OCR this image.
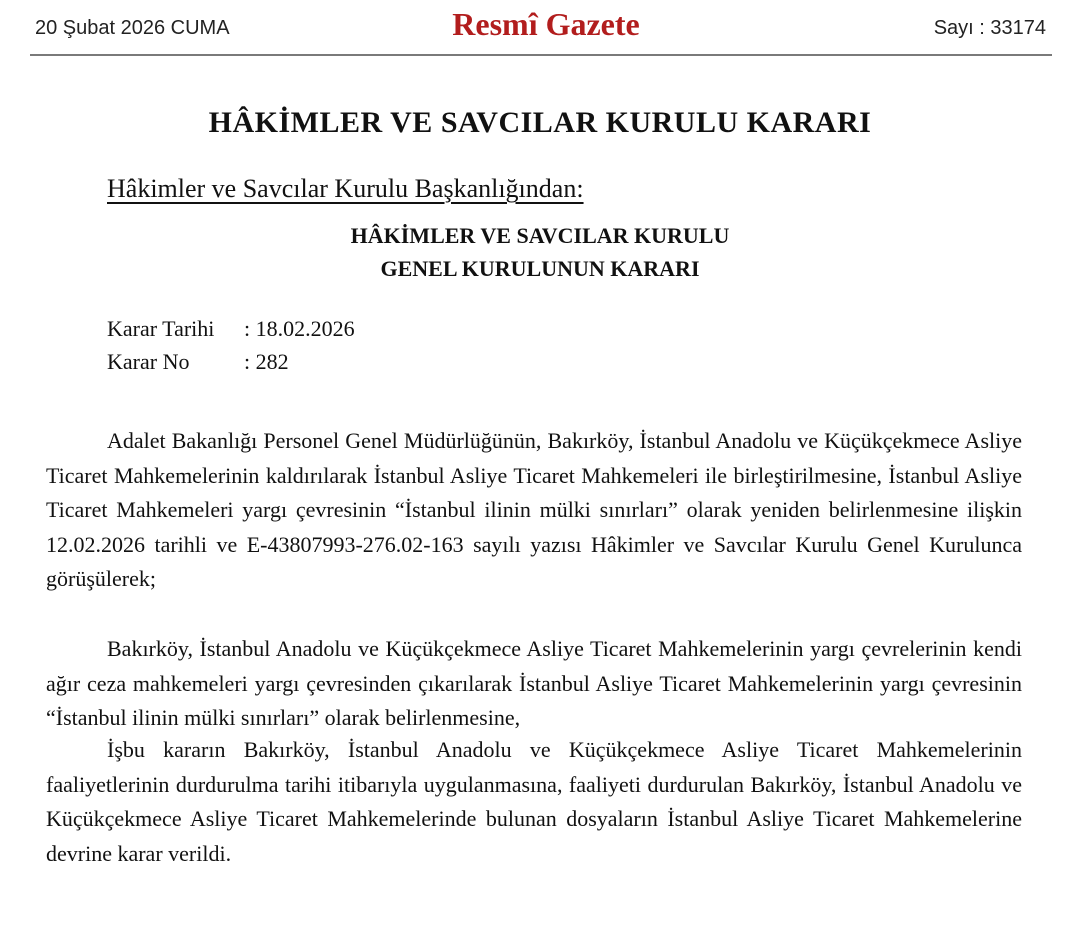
20 Şubat 2026 CUMA	Resmî Gazete	Sayı : 33174
HÂKİMLER VE SAVCILAR KURULU KARARI
Hâkimler ve Savcılar Kurulu Başkanlığından:
HÂKİMLER VE SAVCILAR KURULU
GENEL KURULUNUN KARARI
Karar Tarihi : 18.02.2026
Karar No : 282

Adalet Bakanlığı Personel Genel Müdürlüğünün, Bakırköy, İstanbul Anadolu ve Küçükçekmece Asliye Ticaret Mahkemelerinin kaldırılarak İstanbul Asliye Ticaret Mahkemeleri ile birleştirilmesine, İstanbul Asliye Ticaret Mahkemeleri yargı çevresinin “İstanbul ilinin mülki sınırları” olarak yeniden belirlenmesine ilişkin 12.02.2026 tarihli ve E-43807993-276.02-163 sayılı yazısı Hâkimler ve Savcılar Kurulu Genel Kurulunca görüşülerek;

Bakırköy, İstanbul Anadolu ve Küçükçekmece Asliye Ticaret Mahkemelerinin yargı çevrelerinin kendi ağır ceza mahkemeleri yargı çevresinden çıkarılarak İstanbul Asliye Ticaret Mahkemelerinin yargı çevresinin “İstanbul ilinin mülki sınırları” olarak belirlenmesine,

İşbu kararın Bakırköy, İstanbul Anadolu ve Küçükçekmece Asliye Ticaret Mahkemelerinin faaliyetlerinin durdurulma tarihi itibarıyla uygulanmasına, faaliyeti durdurulan Bakırköy, İstanbul Anadolu ve Küçükçekmece Asliye Ticaret Mahkemelerinde bulunan dosyaların İstanbul Asliye Ticaret Mahkemelerine devrine karar verildi.
